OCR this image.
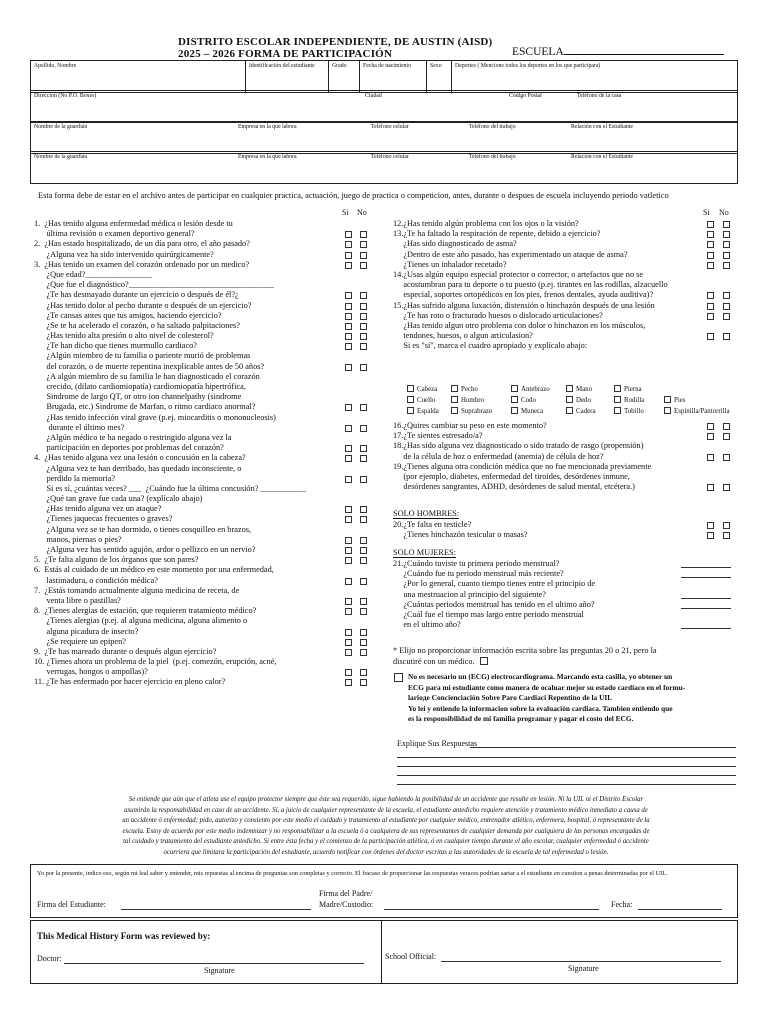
DISTRITO ESCOLAR INDEPENDIENTE, DE AUSTIN (AISD)
2025 – 2026 FORMA DE PARTICIPACIÓN	ESCUELA
Apellido, Nombre	Identificación del estudiante	Grado	Fecha de nacimiento	Sexo	Deportes ( Mencione todos los deportes en los que participara)
Dirección (No P.O. Boxes)	Ciudad	Código Postal	Teléfono de la casa
Nombre de la guardián	Empresa en la que labora	Teléfono celular	Teléfono del trabajo	Relación con el Estudiante
Nombre de la guardián	Empresa en la que labora	Teléfono celular	Teléfono del trabajo	Relación con el Estudiante
Esta forma debe de estar en el archivo antes de participar en cualquier practica, actuación, juego de practica o competicion, antes, durante o despues de escuela incluyendo periodo vatletico
Si No	Si No
1.  ¿Has tenido alguna enfermedad médica o lesión desde tu
última revisión o examen deportivo general?
2.  ¿Has estado hospitalizado, de un día para otro, el año pasado?
¿Alguna vez ha sido intervenido quirúrgicamente?
3.  ¿Has tenido un examen del corazón ordenado por un medico?
¿Que edad?________________
¿Que fue el diagnóstico?___________________________________
¿Te has desmayado durante un ejercicio o después de él?¿
¿Has tenido dolor al pecho durante o después de un ejercicio?
¿Te cansas antes que tus amigos, haciendo ejercicio?
¿Se te ha acelerado el corazón, o ha saltado palpitaciones?
¿Has tenido alta presión o alto nivel de colesterol?
¿Te han dicho que tienes murmullo cardiaco?
¿Algún miembro de tu familia o pariente murió de problemas
del corazón, o de muerte repentina inexplicable antes de 50 años?
¿A algún miembro de su familia le han diagnosticado el corazón
crecido, (dilato cardiomiopatía) cardiomiopatía hipertrófica,
Sindrome de largo QT, or otro ion channelpathy (sindrome
Brugada, etc.) Sindrome de Marfan, o ritmo cardiaco anormal?
¿Has tenido infección viral grave (p.ej. miocarditis o mononucleosis)
durante el último mes?
¿Algún médico te ha negado o restringido alguna vez la
participación en deportes por problemas del corazón?
4.  ¿Has tenido alguna vez una lesión o concusión en la cabeza?
¿Alguna vez te han derribado, has quedado inconsciente, o
perdido la memoria?
Si es sí, ¿cuántas veces? ___  ¿Cuándo fue la última concusión? ___________
¿Qué tan grave fue cada una? (explícalo abajo)
¿Has tenido alguna vez un ataque?
¿Tienes jaquecas frecuentes o graves?
¿Alguna vez se te han dormido, o tienes cosquilleo en brazos,
manos, piernas o pies?
¿Alguna vez has sentido agujón, ardor o pellizco en un nervio?
5.  ¿Te falta alguno de los órganos que son pares?
6.  Estás al cuidado de un médico en este momento por una enfermedad,
lastimadura, o condición médica?
7.  ¿Estás tomando actualmente alguna medicina de receta, de
venta libre o pastillas?
8.  ¿Tienes alergias de estación, que requieren tratamiento médico?
¿Tienes alergias (p.ej. al alguna medicina, alguna alimento o
alguna picadura de insecto?
¿Se requiere un epipen?
9.  ¿Te has mareado durante o después algun ejercicio?
10. ¿Tienes ahora un problema de la piel  (p.ej. comezón, erupción, acné,
verrugas, hongos o ampollas)?
11. ¿Te has enfermado por hacer ejercicio en pleno calor?
12.¿Has tenido algún problema con los ojos o la visión?
13.¿Te ha faltado la respiración de repente, debido a ejercicio?
¿Has sido diagnosticado de asma?
¿Dentro de este año pasado, has experimentado un ataque de asma?
¿Tienes un inhalador recetado?
14.¿Usas algún equipo especial protector o corrector, o artefactos que no se
acostumbran para tu deporte o tu puesto (p.ej. tirantes en las rodillas, alzacuello
especial, soportes ortopédicos en los pies, frenos dentales, ayuda auditiva)?
15.¿Has sufrido alguna luxación, distensión o hinchazón después de una lesión
¿Te has roto o fracturado huesos o dislocado articulaciones?
¿Has tenido algun otro problema con dolor o hinchazon en los músculos,
tendones, huesos, o algun articulasion?
Si es "sí", marca el cuadro apropiado y explícalo abajo:
Cabeza	Pecho	Antebrazo	Mano	Pierna
Cuello	Hombro	Codo	Dedo	Rodilla	Pies
Espalda	Suprabrazo	Muneca	Cadera	Tobillo	Espinilla/Pantorrilla
16.¿Quires cambiar su peso en este momento?
17.¿Te sientes estresado/a?
18.¿Has sido alguna vez diagnosticado o sido tratado de rasgo (propensión)
de la célula de hoz o enfermedad (anemia) de célula de hoz?
19.¿Tienes alguna otra condición médica que no fue mencionada previamente
(por ejemplo, diabetes, enfermedad del tiroides, desórdenes inmune,
desórdenes sangrantes, ADHD, desórdenes de salud mental, etcétera.)
SOLO HOMBRES:
20.¿Te falta en testicle?
¿Tienes hinchazón tesicular o masas?
SOLO MUJERES:
21.¿Cuándo tuviste tu primera periodo menstrual?
¿Cuándo fue tu periodo menstrual más reciente?
¿Por lo general, cuanto tiempo tienes entre el principio de
una mestruacion al principio del siguiente?
¿Cuántas periodos menstrual has tenido en el ultimo año?
¿Cuál fue el tiempo mas largo entre periodo menstrual
en el ultimo año?
* Elijo no proporcionar información escrita sobre las preguntas 20 o 21, pero la
discutiré con un médico.
No es necesario un (ECG) electrocardiograma. Marcando esta casilla, yo obtener un
ECG para mi estudiante como manera de ocaluar mejor su estado cardiaco en el formu-
larioде Concienciación Sobre Paro Cardiaci Repentino de la UIL
Yo lei y entiendo la informacion sobre la evaluación cardiaca. Tambien entiendo que
es la responsibilidad de mi familia programar y pagar el costo del ECG.
Explique Sus Respuestas
Se entiende que aún que el atleta use el equipo protector siempre que éste sea requerido, sigue habiendo la posibilidad de un accidente que resulte en lesión. Ni la UIL ni el Distrito Escolar
asumirán la responsabilidad en caso de un accidente. Sí, a juicio de cualquier representante de la escuela, el estudiante antedicho requiere atención y tratamiento médico inmediato a causa de
un accidente ó enfermedad; pido, autorizo y consiento por este medio el cuidado y tratamiento al estudiante por cualquier médico, entrenador atlético, enfermera, hospital, ó representante de la
escuela. Estoy de acuerdo por este medio indemnizar y no responsabilizar a la escuela ó a cualquiera de sus representantes de cualquier demanda por cualquiera de las personas encargadas de
tal cuidado y tratamiento del estudiante antedicho. Si entre ésta fecha y el comienzo de la participación atlética, ó en cualquier tiempo durante el año escolar, cualquier enfermedad ó accidente
ocurriera que limitara la participación del estudiante, acuerdo notificar con órdenes del doctor escritas a las autoridades de la escuela de tal enfermedad o lesión.
Yo por la presente, indico eso, según mi leal saber y entender, mis repuestas al encima de preguntas son completas y correcto. El fracaso de proporcionar las respuestas veraces podrían sartar a el estudiante en cuestion a penas determinadas por el UIL.
Firma del Estudiante:
Firma del Padre/
Madre/Custodio:	Fecha:
This Medical History Form was reviewed by:
Doctor:
Signature
School Official:
Signature
